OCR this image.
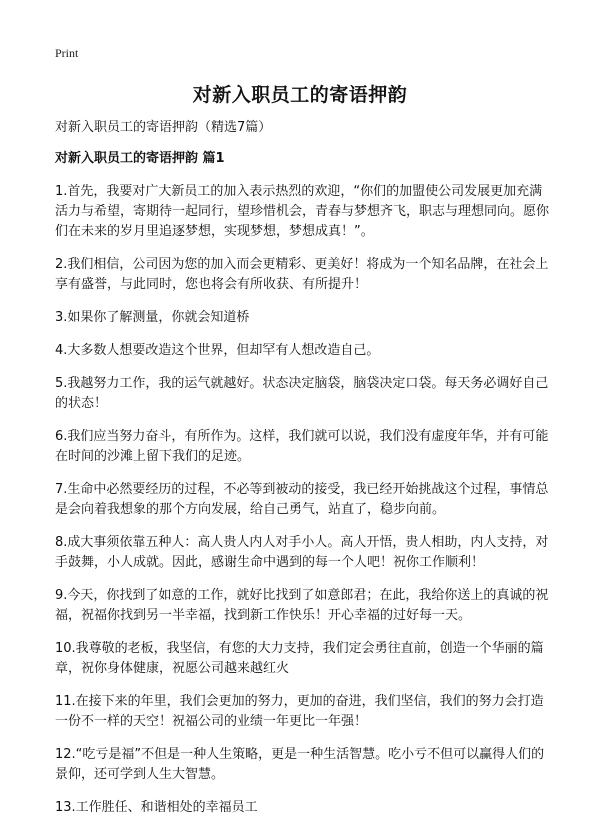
Print
对新入职员工的寄语押韵

对新入职员工的寄语押韵（精选7篇）

对新入职员工的寄语押韵 篇1

1.首先，我要对广大新员工的加入表示热烈的欢迎，“你们的加盟使公司发展更加充满活力与希望，寄期待一起同行，望珍惜机会，青春与梦想齐飞，职志与理想同向。愿你们在未来的岁月里追逐梦想，实现梦想，梦想成真！”。

2.我们相信，公司因为您的加入而会更精彩、更美好！将成为一个知名品牌，在社会上享有盛誉，与此同时，您也将会有所收获、有所提升！

3.如果你了解测量，你就会知道桥

4.大多数人想要改造这个世界，但却罕有人想改造自己。

5.我越努力工作，我的运气就越好。状态决定脑袋，脑袋决定口袋。每天务必调好自己的状态！

6.我们应当努力奋斗，有所作为。这样，我们就可以说，我们没有虚度年华，并有可能在时间的沙滩上留下我们的足迹。

7.生命中必然要经历的过程，不必等到被动的接受，我已经开始挑战这个过程，事情总是会向着我想象的那个方向发展，给自己勇气，站直了，稳步向前。

8.成大事须依靠五种人：高人贵人内人对手小人。高人开悟，贵人相助，内人支持，对手鼓舞，小人成就。因此，感谢生命中遇到的每一个人吧！祝你工作顺利！

9.今天，你找到了如意的工作，就好比找到了如意郎君；在此，我给你送上的真诚的祝福，祝福你找到另一半幸福，找到新工作快乐！开心幸福的过好每一天。

10.我尊敬的老板，我坚信，有您的大力支持，我们定会勇往直前，创造一个华丽的篇章，祝你身体健康，祝愿公司越来越红火

11.在接下来的年里，我们会更加的努力，更加的奋进，我们坚信，我们的努力会打造一份不一样的天空！祝福公司的业绩一年更比一年强！

12.“吃亏是福”不但是一种人生策略，更是一种生活智慧。吃小亏不但可以赢得人们的景仰，还可学到人生大智慧。

13.工作胜任、和谐相处的幸福员工
